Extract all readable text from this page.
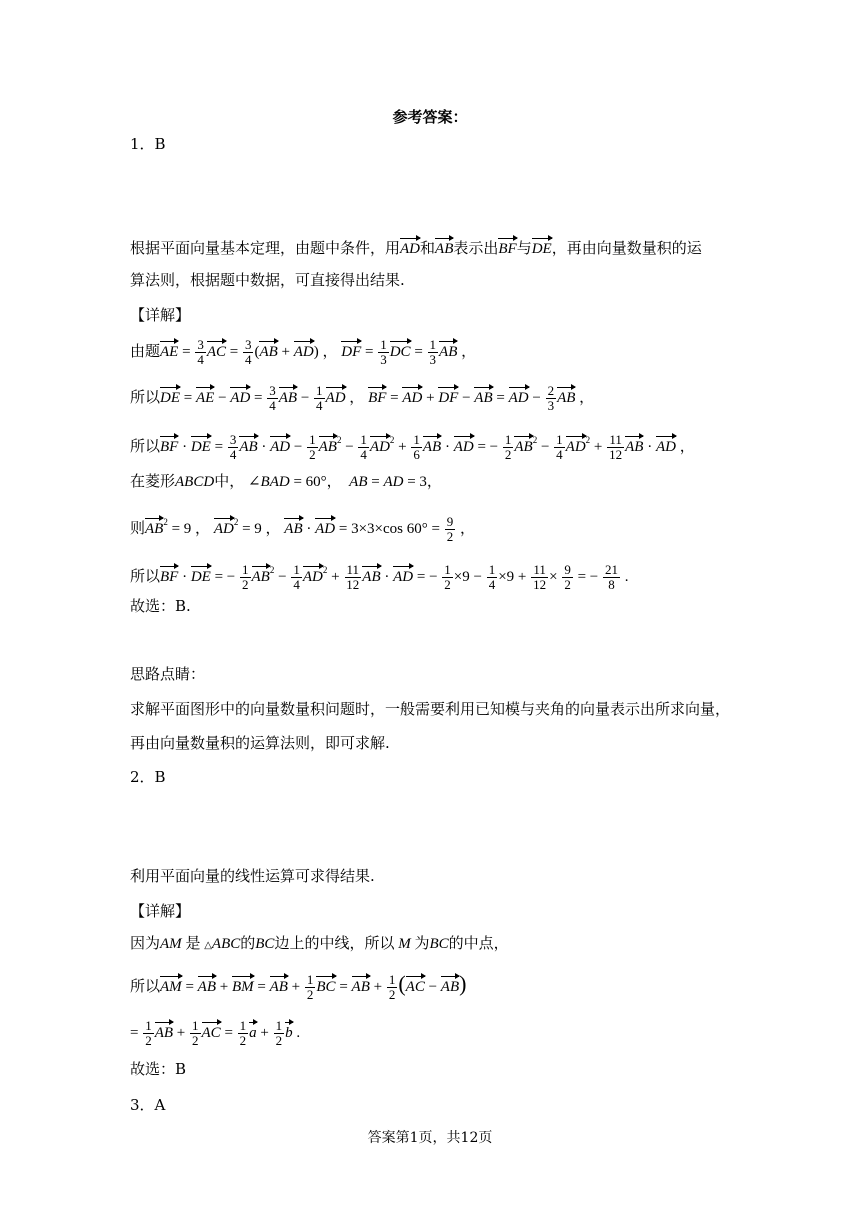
参考答案：
1．B
根据平面向量基本定理，由题中条件，用AD和AB表示出BF与DE，再由向量数量积的运
算法则，根据题中数据，可直接得出结果.
【详解】
由题AE = $\frac{3}{4}$ AC = $\frac{3}{4} (AB + AD)$ ， DF = $\frac{1}{3}$ DC = $\frac{1}{3}$ AB ，
所以DE = AE − AD = $\frac{3}{4}$ AB − $\frac{1}{4}$ AD ， BF = AD + DF − AB = AD − $\frac{2}{3}$ AB ，
所以BF · DE = $\frac{3}{4}$ AB · AD − $\frac{1}{2} AB^2 - \frac{1}{4} AD^2 + \frac{1}{6}$ AB · AD = − $\frac{1}{2} AB^2 - \frac{1}{4} AD^2 + \frac{11}{12}$ AB · AD ，
在菱形ABCD中， ∠BAD = 60°，  AB = AD = 3，
则$AB^2 = 9$ ， $AD^2 = 9$ ， AB · AD = 3×3×cos $60^\circ = \frac{9}{2}$ ，
所以BF · DE = − $\frac{1}{2} AB^2 - \frac{1}{4} AD^2 + \frac{11}{12}$ AB · AD = − $\frac{1}{2} \times 9 - \frac{1}{4} \times 9 + \frac{11}{12} \times \frac{9}{2}$ = − $\frac{21}{8}$ .
故选：B.
思路点睛：
求解平面图形中的向量数量积问题时，一般需要利用已知模与夹角的向量表示出所求向量，
再由向量数量积的运算法则，即可求解.
2．B
利用平面向量的线性运算可求得结果.
【详解】
因为AM 是 △ABC的BC边上的中线，所以 M 为BC的中点，
所以AM = AB + BM = AB + $\frac{1}{2}$ BC = AB + $\frac{1}{2} (AC - AB)$
= $\frac{1}{2}$ AB + $\frac{1}{2}$ AC = $\frac{1}{2}$ $a + \frac{1}{2}$ b .
故选：B
3．A
答案第1页，共12页
